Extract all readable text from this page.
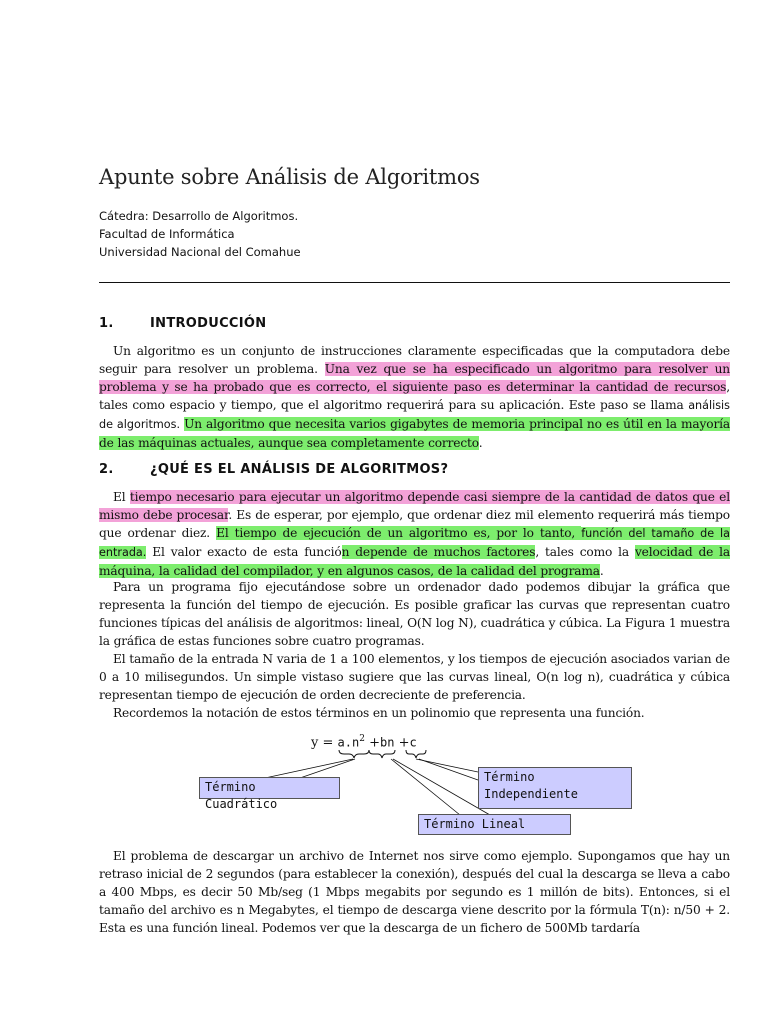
Apunte sobre Análisis de Algoritmos
Cátedra: Desarrollo de Algoritmos.
Facultad de Informática
Universidad Nacional del Comahue
1.	INTRODUCCIÓN

Un algoritmo es un conjunto de instrucciones claramente especificadas que la computadora debe seguir para resolver un problema. Una vez que se ha especificado un algoritmo para resolver un problema y se ha probado que es correcto, el siguiente paso es determinar la cantidad de recursos, tales como espacio y tiempo, que el algoritmo requerirá para su aplicación. Este paso se llama análisis de algoritmos. Un algoritmo que necesita varios gigabytes de memoria principal no es útil en la mayoría de las máquinas actuales, aunque sea completamente correcto.

2.	¿QUÉ ES EL ANÁLISIS DE ALGORITMOS?

El tiempo necesario para ejecutar un algoritmo depende casi siempre de la cantidad de datos que el mismo debe procesar. Es de esperar, por ejemplo, que ordenar diez mil elemento requerirá más tiempo que ordenar diez. El tiempo de ejecución de un algoritmo es, por lo tanto, función del tamaño de la entrada. El valor exacto de esta función depende de muchos factores, tales como la velocidad de la máquina, la calidad del compilador, y en algunos casos, de la calidad del programa.

Para un programa fijo ejecutándose sobre un ordenador dado podemos dibujar la gráfica que representa la función del tiempo de ejecución. Es posible graficar las curvas que representan cuatro funciones típicas del análisis de algoritmos: lineal, O(N log N), cuadrática y cúbica. La Figura 1 muestra la gráfica de estas funciones sobre cuatro programas.

El tamaño de la entrada N varia de 1 a 100 elementos, y los tiempos de ejecución asociados varian de 0 a 10 milisegundos. Un simple vistaso sugiere que las curvas lineal, O(n log n), cuadrática y cúbica representan tiempo de ejecución de orden decreciente de preferencia.

Recordemos la notación de estos términos en un polinomio que representa una función.

$y = a.n^2 +bn +c$
Término Cuadrático
Término
Independiente
Término Lineal

El problema de descargar un archivo de Internet nos sirve como ejemplo. Supongamos que hay un retraso inicial de 2 segundos (para establecer la conexión), después del cual la descarga se lleva a cabo a 400 Mbps, es decir 50 Mb/seg (1 Mbps megabits por segundo es 1 millón de bits). Entonces, si el tamaño del archivo es n Megabytes, el tiempo de descarga viene descrito por la fórmula T(n): n/50 + 2. Esta es una función lineal. Podemos ver que la descarga de un fichero de 500Mb tardaría
